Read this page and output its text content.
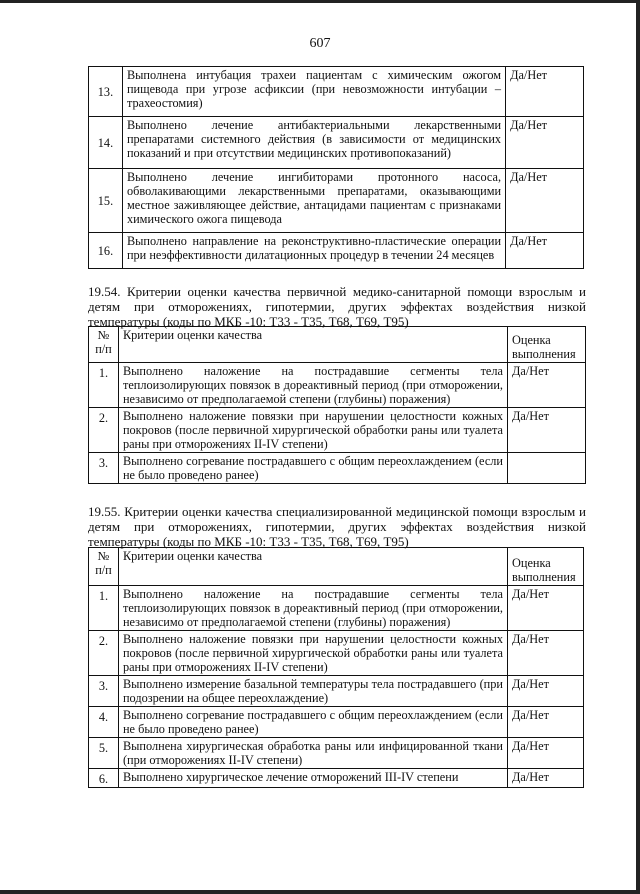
607
13.	Выполнена интубация трахеи пациентам с химическим ожогом пищевода при угрозе асфиксии (при невозможности интубации – трахеостомия)	Да/Нет
14.	Выполнено лечение антибактериальными лекарственными препаратами системного действия (в зависимости от медицинских показаний и при отсутствии медицинских противопоказаний)	Да/Нет
15.	Выполнено лечение ингибиторами протонного насоса, обволакивающими лекарственными препаратами, оказывающими местное заживляющее действие, антацидами пациентам с признаками химического ожога пищевода	Да/Нет
16.	Выполнено направление на реконструктивно-пластические операции при неэффективности дилатационных процедур в течении 24 месяцев	Да/Нет
19.54. Критерии оценки качества первичной медико-санитарной помощи взрослым и детям при отморожениях, гипотермии, других эффектах воздействия низкой температуры (коды по МКБ -10: Т33 - Т35, Т68, Т69, Т95)
№ п/п	Критерии оценки качества	Оценка выполнения
1.	Выполнено наложение на пострадавшие сегменты тела теплоизолирующих повязок в дореактивный период (при отморожении, независимо от предполагаемой степени (глубины) поражения)	Да/Нет
2.	Выполнено наложение повязки при нарушении целостности кожных покровов (после первичной хирургической обработки раны или туалета раны при отморожениях II-IV степени)	Да/Нет
3.	Выполнено согревание пострадавшего с общим переохлаждением (если не было проведено ранее)	
19.55. Критерии оценки качества специализированной медицинской помощи взрослым и детям при отморожениях, гипотермии, других эффектах воздействия низкой температуры (коды по МКБ -10: Т33 - Т35, Т68, Т69, Т95)
№ п/п	Критерии оценки качества	Оценка выполнения
1.	Выполнено наложение на пострадавшие сегменты тела теплоизолирующих повязок в дореактивный период (при отморожении, независимо от предполагаемой степени (глубины) поражения)	Да/Нет
2.	Выполнено наложение повязки при нарушении целостности кожных покровов (после первичной хирургической обработки раны или туалета раны при отморожениях II-IV степени)	Да/Нет
3.	Выполнено измерение базальной температуры тела пострадавшего (при подозрении на общее переохлаждение)	Да/Нет
4.	Выполнено согревание пострадавшего с общим переохлаждением (если не было проведено ранее)	Да/Нет
5.	Выполнена хирургическая обработка раны или инфицированной ткани (при отморожениях II-IV степени)	Да/Нет
6.	Выполнено хирургическое лечение отморожений III-IV степени	Да/Нет
